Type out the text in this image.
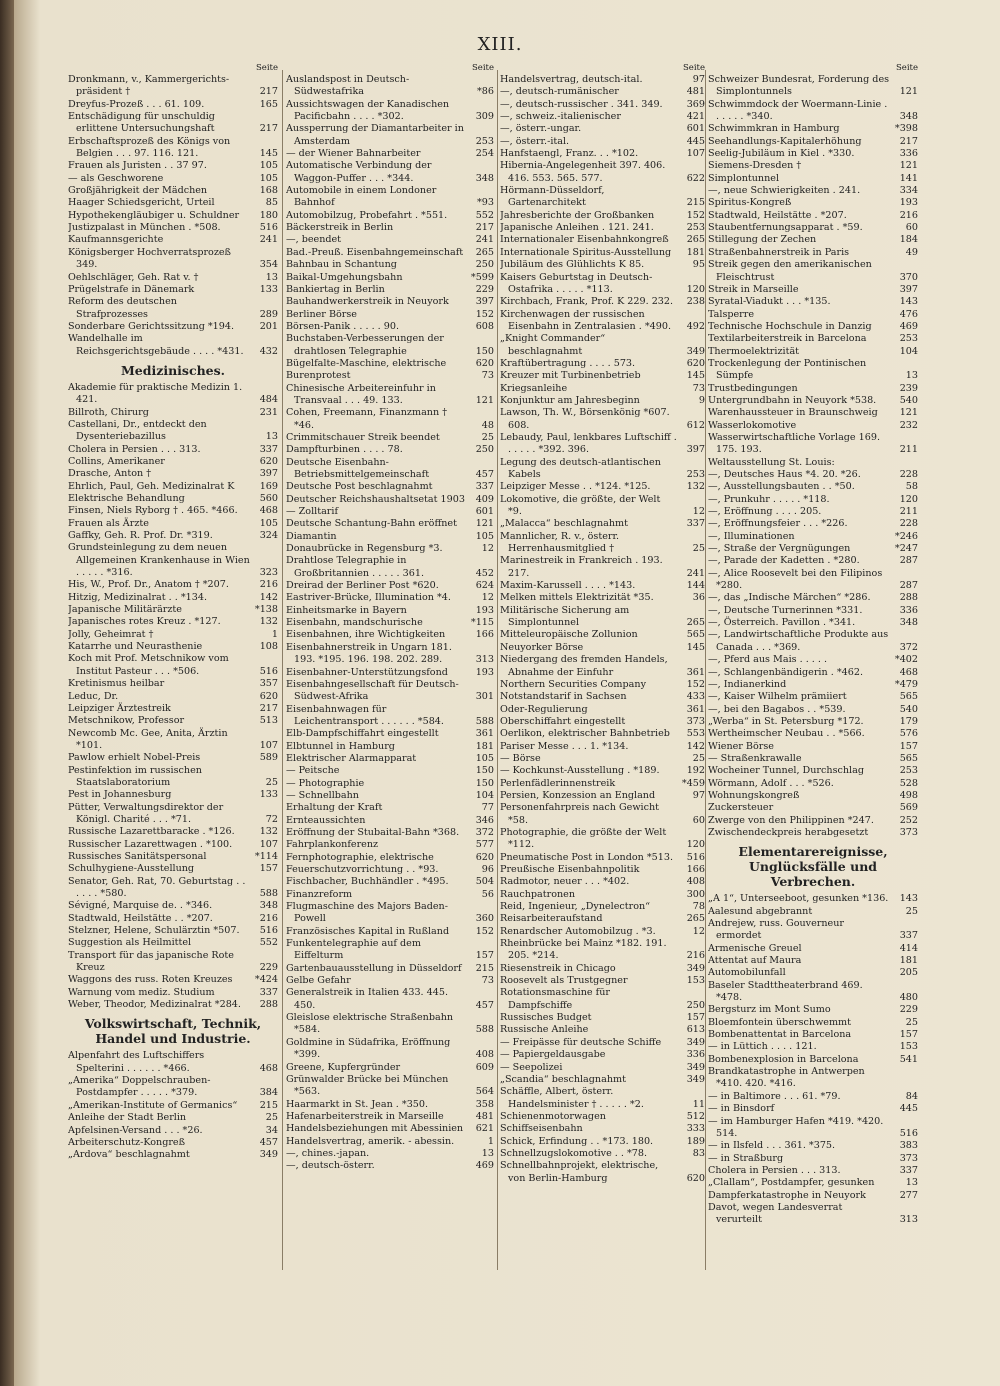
XIII.
Seite
Dronkmann, v., Kammergerichts-präsident †	217
Dreyfus-Prozeß . . . 61. 109.	165
Entschädigung für unschuldig erlittene Untersuchungshaft	217
Erbschaftsprozeß des Königs von Belgien . . . 97. 116. 121.	145
Frauen als Juristen . . 37 97.	105
— als Geschworene	105
Großjährigkeit der Mädchen	168
Haager Schiedsgericht, Urteil	85
Hypothekengläubiger u. Schuldner	180
Justizpalast in München . *508.	516
Kaufmannsgerichte	241
Königsberger Hochverratsprozeß 349.	354
Oehlschläger, Geh. Rat v. †	13
Prügelstrafe in Dänemark	133
Reform des deutschen Strafprozesses	289
Sonderbare Gerichtssitzung *194.	201
Wandelhalle im Reichsgerichtsgebäude . . . . *431.	432
Medizinisches.
Akademie für praktische Medizin 1. 421.	484
Billroth, Chirurg	231
Castellani, Dr., entdeckt den Dysenteriebazillus	13
Cholera in Persien . . . 313.	337
Collins, Amerikaner	620
Drasche, Anton †	397
Ehrlich, Paul, Geh. Medizinalrat K	169
Elektrische Behandlung	560
Finsen, Niels Ryborg † . 465. *466.	468
Frauen als Ärzte	105
Gaffky, Geh. R. Prof. Dr. *319.	324
Grundsteinlegung zu dem neuen Allgemeinen Krankenhause in Wien . . . . . *316.	323
His, W., Prof. Dr., Anatom † *207.	216
Hitzig, Medizinalrat . . *134.	142
Japanische Militärärzte	*138
Japanisches rotes Kreuz . *127.	132
Jolly, Geheimrat †	1
Katarrhe und Neurasthenie	108
Koch mit Prof. Metschnikow vom Institut Pasteur . . . *506.	516
Kretinismus heilbar	357
Leduc, Dr.	620
Leipziger Ärztestreik	217
Metschnikow, Professor	513
Newcomb Mc. Gee, Anita, Ärztin *101.	107
Pawlow erhielt Nobel-Preis	589
Pestinfektion im russischen Staatslaboratorium	25
Pest in Johannesburg	133
Pütter, Verwaltungsdirektor der Königl. Charité . . . *71.	72
Russische Lazarettbaracke . *126.	132
Russischer Lazarettwagen . *100.	107
Russisches Sanitätspersonal	*114
Schulhygiene-Ausstellung	157
Senator, Geh. Rat, 70. Geburtstag . . . . . . *580.	588
Sévigné, Marquise de. . *346.	348
Stadtwald, Heilstätte . . *207.	216
Stelzner, Helene, Schulärztin *507.	516
Suggestion als Heilmittel	552
Transport für das japanische Rote Kreuz	229
Waggons des russ. Roten Kreuzes	*424
Warnung vom mediz. Studium	337
Weber, Theodor, Medizinalrat *284.	288
Volkswirtschaft, Technik, Handel und Industrie.
Alpenfahrt des Luftschiffers Spelterini . . . . . . *466.	468
„Amerika“ Doppelschrauben-Postdampfer . . . . . *379.	384
„Amerikan-Institute of Germanics“	215
Anleihe der Stadt Berlin	25
Apfelsinen-Versand . . . *26.	34
Arbeiterschutz-Kongreß	457
„Ardova“ beschlagnahmt	349
Seite
Auslandspost in Deutsch-Südwestafrika	*86
Aussichtswagen der Kanadischen Pacificbahn . . . . *302.	309
Aussperrung der Diamantarbeiter in Amsterdam	253
— der Wiener Bahnarbeiter	254
Automatische Verbindung der Waggon-Puffer . . . *344.	348
Automobile in einem Londoner Bahnhof	*93
Automobilzug, Probefahrt . *551.	552
Bäckerstreik in Berlin	217
—, beendet	241
Bad.-Preuß. Eisenbahngemeinschaft	265
Bahnbau in Schantung	250
Baikal-Umgehungsbahn	*599
Bankiertag in Berlin	229
Bauhandwerkerstreik in Neuyork	397
Berliner Börse	152
Börsen-Panik . . . . . 90.	608
Buchstaben-Verbesserungen der drahtlosen Telegraphie	150
Bügelfalte-Maschine, elektrische	620
Burenprotest	73
Chinesische Arbeitereinfuhr in Transvaal . . . 49. 133.	121
Cohen, Freemann, Finanzmann † *46.	48
Crimmitschauer Streik beendet	25
Dampfturbinen . . . . 78.	250
Deutsche Eisenbahn-Betriebsmittelgemeinschaft	457
Deutsche Post beschlagnahmt	337
Deutscher Reichshaushaltsetat 1903	409
— Zolltarif	601
Deutsche Schantung-Bahn eröffnet	121
Diamantin	105
Donaubrücke in Regensburg *3.	12
Drahtlose Telegraphie in Großbritannien . . . . . 361.	452
Dreirad der Berliner Post *620.	624
Eastriver-Brücke, Illumination *4.	12
Einheitsmarke in Bayern	193
Eisenbahn, mandschurische	*115
Eisenbahnen, ihre Wichtigkeiten	166
Eisenbahnerstreik in Ungarn 181. 193. *195. 196. 198. 202. 289.	313
Eisenbahner-Unterstützungsfond	193
Eisenbahngesellschaft für Deutsch-Südwest-Afrika	301
Eisenbahnwagen für Leichentransport . . . . . . *584.	588
Elb-Dampfschiffahrt eingestellt	361
Elbtunnel in Hamburg	181
Elektrischer Alarmapparat	105
— Peitsche	150
— Photographie	150
— Schnellbahn	104
Erhaltung der Kraft	77
Ernteaussichten	346
Eröffnung der Stubaital-Bahn *368.	372
Fahrplankonferenz	577
Fernphotographie, elektrische	620
Feuerschutzvorrichtung . . *93.	96
Fischbacher, Buchhändler . *495.	504
Finanzreform	56
Flugmaschine des Majors Baden-Powell	360
Französisches Kapital in Rußland	152
Funkentelegraphie auf dem Eiffelturm	157
Gartenbauausstellung in Düsseldorf	215
Gelbe Gefahr	73
Generalstreik in Italien 433. 445. 450.	457
Gleislose elektrische Straßenbahn *584.	588
Goldmine in Südafrika, Eröffnung *399.	408
Greene, Kupfergründer	609
Grünwalder Brücke bei München *563.	564
Haarmarkt in St. Jean . *350.	358
Hafenarbeiterstreik in Marseille	481
Handelsbeziehungen mit Abessinien	621
Handelsvertrag, amerik. - abessin.	1
—, chines.-japan.	13
—, deutsch-österr.	469
Seite
Handelsvertrag, deutsch-ital.	97
—, deutsch-rumänischer	481
—, deutsch-russischer . 341. 349.	369
—, schweiz.-italienischer	421
—, österr.-ungar.	601
—, österr.-ital.	445
Hanfstaengl, Franz. . . *102.	107
Hibernia-Angelegenheit 397. 406. 416. 553. 565. 577.	622
Hörmann-Düsseldorf, Gartenarchitekt	215
Jahresberichte der Großbanken	152
Japanische Anleihen . 121. 241.	253
Internationaler Eisenbahnkongreß	265
Internationale Spiritus-Ausstellung	181
Jubiläum des Glühlichts K 85.	95
Kaisers Geburtstag in Deutsch-Ostafrika . . . . . *113.	120
Kirchbach, Frank, Prof. K 229. 232.	238
Kirchenwagen der russischen Eisenbahn in Zentralasien . *490.	492
„Knight Commander“ beschlagnahmt	349
Kraftübertragung . . . . 573.	620
Kreuzer mit Turbinenbetrieb	145
Kriegsanleihe	73
Konjunktur am Jahresbeginn	9
Lawson, Th. W., Börsenkönig *607. 608.	612
Lebaudy, Paul, lenkbares Luftschiff . . . . . . *392. 396.	397
Legung des deutsch-atlantischen Kabels	253
Leipziger Messe . . *124. *125.	132
Lokomotive, die größte, der Welt *9.	12
„Malacca“ beschlagnahmt	337
Mannlicher, R. v., österr. Herrenhausmitglied †	25
Marinestreik in Frankreich . 193. 217.	241
Maxim-Karussell . . . . *143.	144
Melken mittels Elektrizität *35.	36
Militärische Sicherung am Simplontunnel	265
Mitteleuropäische Zollunion	565
Neuyorker Börse	145
Niedergang des fremden Handels, Abnahme der Einfuhr	361
Northern Securities Company	152
Notstandstarif in Sachsen	433
Oder-Regulierung	361
Oberschiffahrt eingestellt	373
Oerlikon, elektrischer Bahnbetrieb	553
Pariser Messe . . . 1. *134.	142
— Börse	25
— Kochkunst-Ausstellung . *189.	192
Perlenfädlerinnenstreik	*459
Persien, Konzession an England	97
Personenfahrpreis nach Gewicht *58.	60
Photographie, die größte der Welt *112.	120
Pneumatische Post in London *513.	516
Preußische Eisenbahnpolitik	166
Radmotor, neuer . . . *402.	408
Rauchpatronen	300
Reid, Ingenieur, „Dynelectron“	78
Reisarbeiteraufstand	265
Renardscher Automobilzug . *3.	12
Rheinbrücke bei Mainz *182. 191. 205. *214.	216
Riesenstreik in Chicago	349
Roosevelt als Trustgegner	153
Rotationsmaschine für Dampfschiffe	250
Russisches Budget	157
Russische Anleihe	613
— Freipässe für deutsche Schiffe	349
— Papiergeldausgabe	336
— Seepolizei	349
„Scandia“ beschlagnahmt	349
Schäffle, Albert, österr. Handelsminister † . . . . . *2.	11
Schienenmotorwagen	512
Schiffseisenbahn	333
Schick, Erfindung . . *173. 180.	189
Schnellzugslokomotive . . *78.	83
Schnellbahnprojekt, elektrische, von Berlin-Hamburg	620
Seite
Schweizer Bundesrat, Forderung des Simplontunnels	121
Schwimmdock der Woermann-Linie . . . . . . *340.	348
Schwimmkran in Hamburg	*398
Seehandlungs-Kapitalerhöhung	217
Seelig-Jubiläum in Kiel . *330.	336
Siemens-Dresden †	121
Simplontunnel	141
—, neue Schwierigkeiten . 241.	334
Spiritus-Kongreß	193
Stadtwald, Heilstätte . *207.	216
Staubentfernungsapparat . *59.	60
Stillegung der Zechen	184
Straßenbahnerstreik in Paris	49
Streik gegen den amerikanischen Fleischtrust	370
Streik in Marseille	397
Syratal-Viadukt . . . *135.	143
Talsperre	476
Technische Hochschule in Danzig	469
Textilarbeiterstreik in Barcelona	253
Thermoelektrizität	104
Trockenlegung der Pontinischen Sümpfe	13
Trustbedingungen	239
Untergrundbahn in Neuyork *538.	540
Warenhaussteuer in Braunschweig	121
Wasserlokomotive	232
Wasserwirtschaftliche Vorlage 169. 175. 193.	211
Weltausstellung St. Louis:
—, Deutsches Haus *4. 20. *26.	228
—, Ausstellungsbauten . . *50.	58
—, Prunkuhr . . . . . *118.	120
—, Eröffnung . . . . 205.	211
—, Eröffnungsfeier . . . *226.	228
—, Illuminationen	*246
—, Straße der Vergnügungen	*247
—, Parade der Kadetten . *280.	287
—, Alice Roosevelt bei den Filipinos *280.	287
—, das „Indische Märchen“ *286.	288
—, Deutsche Turnerinnen *331.	336
—, Österreich. Pavillon . *341.	348
—, Landwirtschaftliche Produkte aus Canada . . . *369.	372
—, Pferd aus Mais . . . . .	*402
—, Schlangenbändigerin . *462.	468
—, Indianerkind	*479
—, Kaiser Wilhelm prämiiert	565
—, bei den Bagabos . . *539.	540
„Werba“ in St. Petersburg *172.	179
Wertheimscher Neubau . . *566.	576
Wiener Börse	157
— Straßenkrawalle	565
Wocheiner Tunnel, Durchschlag	253
Wörmann, Adolf . . . *526.	528
Wohnungskongreß	498
Zuckersteuer	569
Zwerge von den Philippinen *247.	252
Zwischendeckpreis herabgesetzt	373
Elementarereignisse, Unglücksfälle und Verbrechen.
„A 1“, Unterseeboot, gesunken *136.	143
Aalesund abgebrannt	25
Andrejew, russ. Gouverneur ermordet	337
Armenische Greuel	414
Attentat auf Maura	181
Automobilunfall	205
Baseler Stadttheaterbrand 469. *478.	480
Bergsturz im Mont Sumo	229
Bloemfontein überschwemmt	25
Bombenattentat in Barcelona	157
— in Lüttich . . . . 121.	153
Bombenexplosion in Barcelona	541
Brandkatastrophe in Antwerpen *410. 420. *416.
— in Baltimore . . . 61. *79.	84
— in Binsdorf	445
— im Hamburger Hafen *419. *420. 514.	516
— in Ilsfeld . . . 361. *375.	383
— in Straßburg	373
Cholera in Persien . . . 313.	337
„Clallam“, Postdampfer, gesunken	13
Dampferkatastrophe in Neuyork	277
Davot, wegen Landesverrat verurteilt	313
